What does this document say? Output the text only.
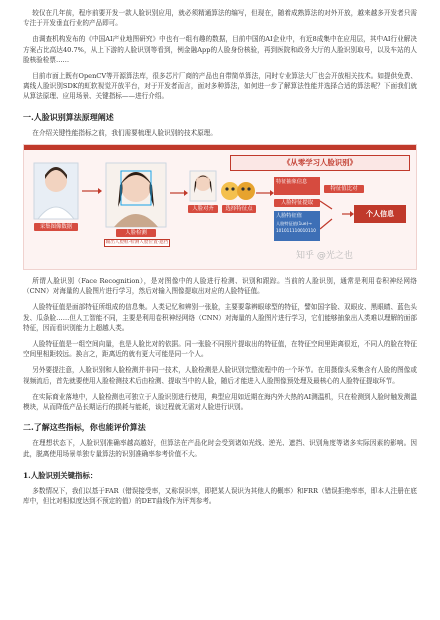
较仅在几年前，程序前要开发一款人脸识别应用，就必须精通算法的编写，但现在，随着成熟算法的对外开放，越来越多开发者只需专注于开发垂直行业的产品即可。

由调查机构发布的《中国AI产业地图研究》中也有一组有趣的数据，目前中国的AI企业中，有近8成集中在应用层，其中AI行业解决方案占比高达40.7%，从上下游的人脸识别等看到，例金融App的人脸身份核验，再到医院和政务大厅的人脸识别取号，以及车站的人脸核验检票……

目前市面上既有OpenCV等开源算法库，很多芯片厂商的产品也自带简单算法，同时专业算法大厂也会开放相关技术。如提供免费、离线人脸识别SDK的虹软视觉开放平台，对于开发者而言，面对多种算法，如何进一步了解算法性能并选择合适的算法呢？下面我们就从算法原理、应用场景、关键指标——进行介绍。

一.人脸识别算法原理阐述

在介绍关键性能指标之前，我们需要梳理人脸识别的技术原理。

《从零学习人脸识别》
采集图像数据
人脸检测
输出人脸框·检测人脸位置·遮挡
人脸对齐	选择特征点
特征抽象信息
人脸特征提取
人脸特征值
人脸特征值(1ue)→
101011110010110
特征值比对
个人信息
知乎 @光之也

所谓人脸识别（Face Recognition），是对图像中的人脸进行检测、识别和跟踪。当前的人脸识别，通常是利用卷积神经网络（CNN）对海量的人脸图片进行学习，然后对输入图像提取出对应的人脸特征值。

人脸特征值是面部特征所组成的信息集。人类记忆和辨别一张脸，主要要靠辨眼球型的特征，譬如国字脸、双眼皮、黑眼睛、蓝色头发、瓜条脸……但人工智能不同，主要是利用卷积神经网络（CNN）对海量的人脸图片进行学习，它们能够抽象出人类难以理解的面部特征，因而看识别能力上超越人类。

人脸特征值是一组空间向量，也是人脸比对的依据。同一张脸不同照片提取出的特征值，在特征空间里距离很近，不同人的脸在特征空间里相距较远。换言之，距离近的就有更大可能是同一个人。

另外要提注意，人脸识别和人脸检测并非同一技术，人脸检测是人脸识别完整流程中的一个环节。在用摄像头采集含有人脸的图像或视频流后，首先就要使用人脸检测技术后由检测、提取当中的人脸，随后才能进入人脸图像预处理及最核心的人脸特征提取环节。

在实际商业落地中，人脸检测也可独立于人脸识别进行使用，典型应用如近期在海内外大热的AI测温机，只在检测到人脸时触发测温模块，从而降低产品长期运行的损耗与能耗，该过程就无需对人脸进行识别。

二.了解这些指标，你也能评价算法

在理想状态下，人脸识别准确率越高越好，但算法在产品化时会受到诸如光线、逆光、遮挡、识别角度等诸多实际因素的影响。因此，脱离使用场景单独专量算法的识别准确率参考价值不大。

1.人脸识别关键指标：

多数情况下，我们以基于FAR（错误接受率，又称误识率，即把某人误识为其他人的概率）和FRR（错误拒绝率率，即本人注册在底库中，但比对相似度达到不预定的值）的DET曲线作为评判参考。
